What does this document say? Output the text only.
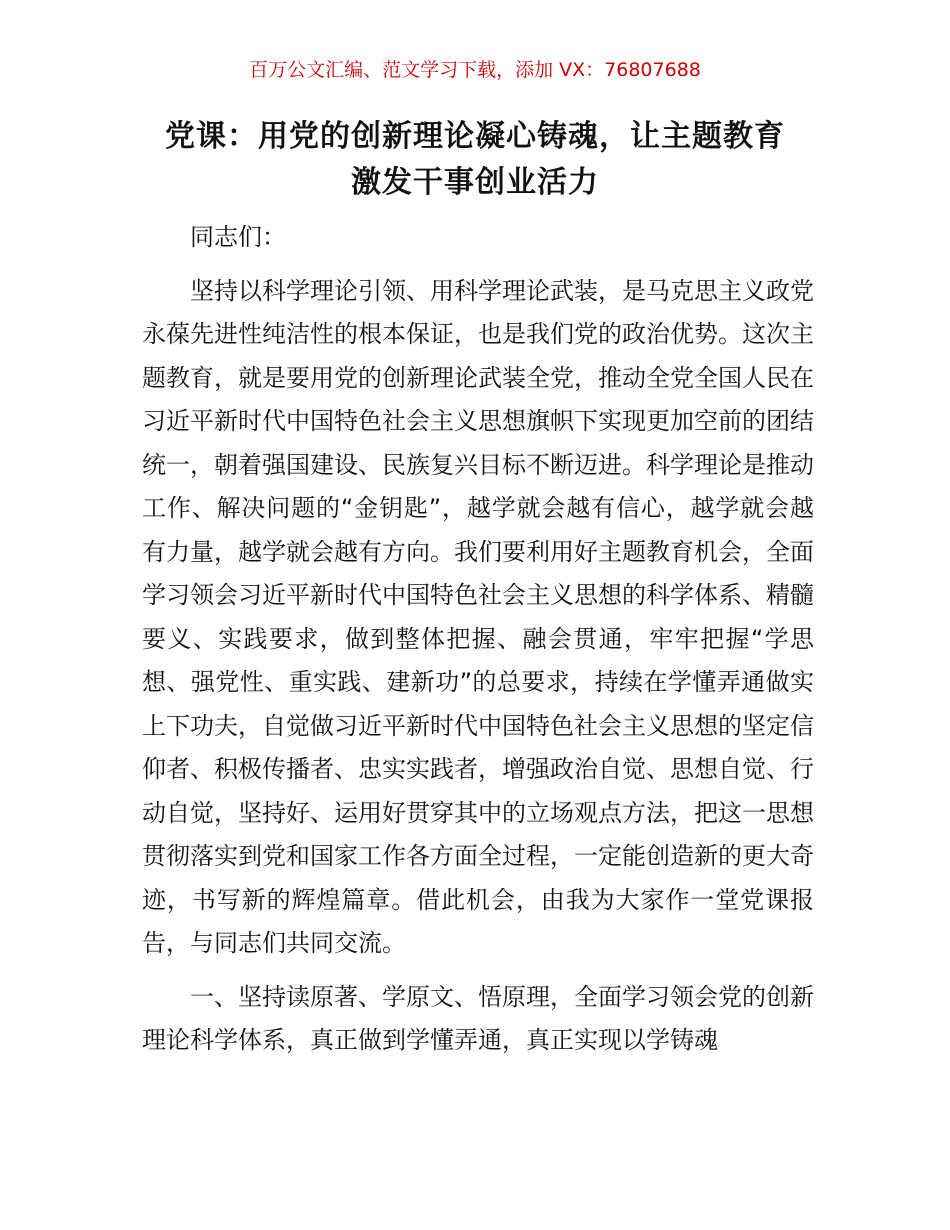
百万公文汇编、范文学习下载，添加 VX：76807688
党课：用党的创新理论凝心铸魂，让主题教育
激发干事创业活力

同志们：

坚持以科学理论引领、用科学理论武装，是马克思主义政党永葆先进性纯洁性的根本保证，也是我们党的政治优势。这次主题教育，就是要用党的创新理论武装全党，推动全党全国人民在习近平新时代中国特色社会主义思想旗帜下实现更加空前的团结统一，朝着强国建设、民族复兴目标不断迈进。科学理论是推动工作、解决问题的“金钥匙”，越学就会越有信心，越学就会越有力量，越学就会越有方向。我们要利用好主题教育机会，全面学习领会习近平新时代中国特色社会主义思想的科学体系、精髓要义、实践要求，做到整体把握、融会贯通，牢牢把握“学思想、强党性、重实践、建新功”的总要求，持续在学懂弄通做实上下功夫，自觉做习近平新时代中国特色社会主义思想的坚定信仰者、积极传播者、忠实实践者，增强政治自觉、思想自觉、行动自觉，坚持好、运用好贯穿其中的立场观点方法，把这一思想贯彻落实到党和国家工作各方面全过程，一定能创造新的更大奇迹，书写新的辉煌篇章。借此机会，由我为大家作一堂党课报告，与同志们共同交流。

一、坚持读原著、学原文、悟原理，全面学习领会党的创新理论科学体系，真正做到学懂弄通，真正实现以学铸魂
